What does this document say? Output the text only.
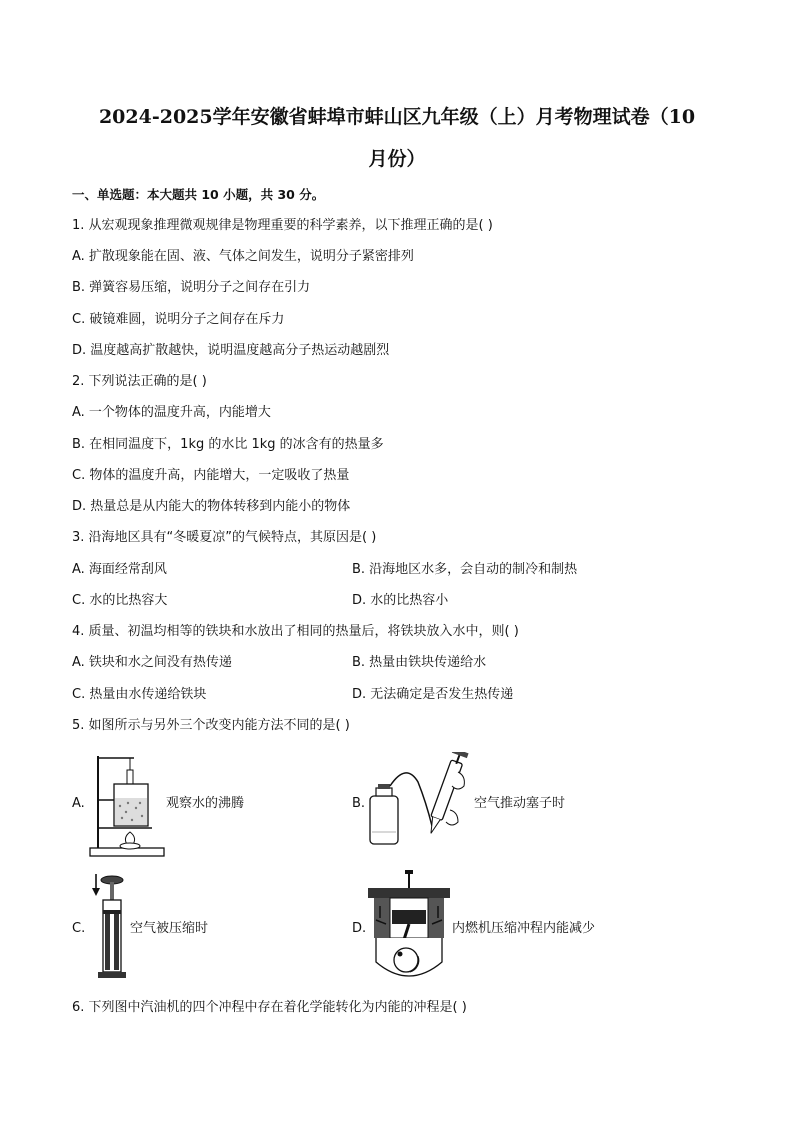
2024-2025学年安徽省蚌埠市蚌山区九年级（上）月考物理试卷（10
月份）
一、单选题：本大题共 10 小题，共 30 分。
1. 从宏观现象推理微观规律是物理重要的科学素养，以下推理正确的是( )
A. 扩散现象能在固、液、气体之间发生，说明分子紧密排列
B. 弹簧容易压缩，说明分子之间存在引力
C. 破镜难圆，说明分子之间存在斥力
D. 温度越高扩散越快，说明温度越高分子热运动越剧烈
2. 下列说法正确的是( )
A. 一个物体的温度升高，内能增大
B. 在相同温度下，1kg 的水比 1kg 的冰含有的热量多
C. 物体的温度升高，内能增大，一定吸收了热量
D. 热量总是从内能大的物体转移到内能小的物体
3. 沿海地区具有“冬暖夏凉”的气候特点，其原因是( )
A. 海面经常刮风	B. 沿海地区水多，会自动的制冷和制热
C. 水的比热容大	D. 水的比热容小
4. 质量、初温均相等的铁块和水放出了相同的热量后，将铁块放入水中，则( )
A. 铁块和水之间没有热传递	B. 热量由铁块传递给水
C. 热量由水传递给铁块	D. 无法确定是否发生热传递
5. 如图所示与另外三个改变内能方法不同的是( )
A.	观察水的沸腾	B.	空气推动塞子时
C.	空气被压缩时	D.	内燃机压缩冲程内能减少
6. 下列图中汽油机的四个冲程中存在着化学能转化为内能的冲程是( )
